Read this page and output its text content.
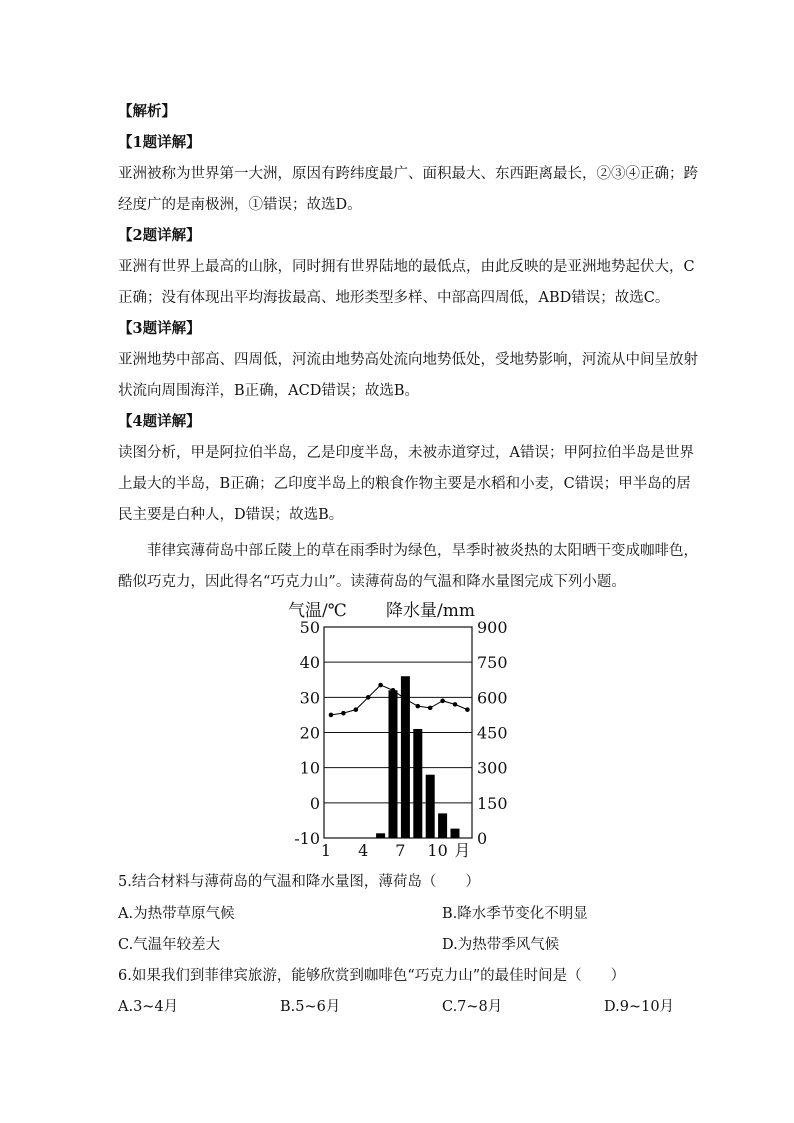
【解析】
【1题详解】
亚洲被称为世界第一大洲，原因有跨纬度最广、面积最大、东西距离最长，②③④正确；跨
经度广的是南极洲，①错误；故选D。
【2题详解】
亚洲有世界上最高的山脉，同时拥有世界陆地的最低点，由此反映的是亚洲地势起伏大，C
正确；没有体现出平均海拔最高、地形类型多样、中部高四周低，ABD错误；故选C。
【3题详解】
亚洲地势中部高、四周低，河流由地势高处流向地势低处，受地势影响，河流从中间呈放射
状流向周围海洋，B正确，ACD错误；故选B。
【4题详解】
读图分析，甲是阿拉伯半岛，乙是印度半岛，未被赤道穿过，A错误；甲阿拉伯半岛是世界
上最大的半岛，B正确；乙印度半岛上的粮食作物主要是水稻和小麦，C错误；甲半岛的居
民主要是白种人，D错误；故选B。
　　菲律宾薄荷岛中部丘陵上的草在雨季时为绿色，旱季时被炎热的太阳晒干变成咖啡色，
酷似巧克力，因此得名“巧克力山”。读薄荷岛的气温和降水量图完成下列小题。
气温/℃ 降水量/mm
50
40
30
20
10
0
-10
900
750
600
450
300
150
0
1 4 7 10 月
5.结合材料与薄荷岛的气温和降水量图，薄荷岛（　　）
A.为热带草原气候	B.降水季节变化不明显
C.气温年较差大	D.为热带季风气候
6.如果我们到菲律宾旅游，能够欣赏到咖啡色“巧克力山”的最佳时间是（　　）
A.3~4月	B.5~6月	C.7~8月	D.9~10月
